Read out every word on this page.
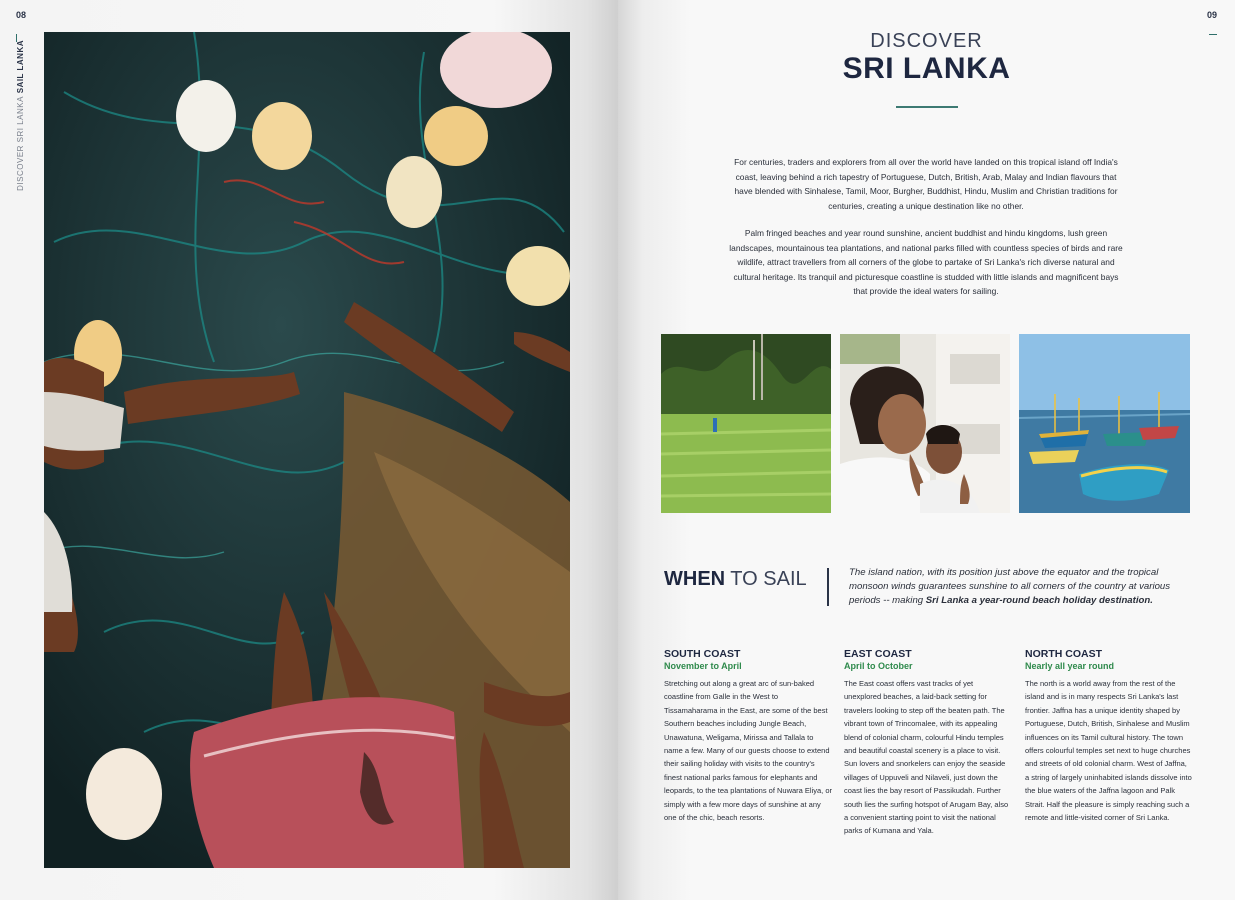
08
DISCOVER SRI LANKA SAIL LANKA
09
DISCOVER
SRI LANKA

For centuries, traders and explorers from all over the world have landed on this tropical island off India's coast, leaving behind a rich tapestry of Portuguese, Dutch, British, Arab, Malay and Indian flavours that have blended with Sinhalese, Tamil, Moor, Burgher, Buddhist, Hindu, Muslim and Christian traditions for centuries, creating a unique destination like no other.

Palm fringed beaches and year round sunshine, ancient buddhist and hindu kingdoms, lush green landscapes, mountainous tea plantations, and national parks filled with countless species of birds and rare wildlife, attract travellers from all corners of the globe to partake of Sri Lanka's rich diverse natural and cultural heritage. Its tranquil and picturesque coastline is studded with little islands and magnificent bays that provide the ideal waters for sailing.

WHEN TO SAIL	The island nation, with its position just above the equator and the tropical monsoon winds guarantees sunshine to all corners of the country at various periods -- making Sri Lanka a year-round beach holiday destination.

SOUTH COAST
November to April

Stretching out along a great arc of sun-baked coastline from Galle in the West to Tissamaharama in the East, are some of the best Southern beaches including Jungle Beach, Unawatuna, Weligama, Mirissa and Tallala to name a few. Many of our guests choose to extend their sailing holiday with visits to the country's finest national parks famous for elephants and leopards, to the tea plantations of Nuwara Eliya, or simply with a few more days of sunshine at any one of the chic, beach resorts.

EAST COAST
April to October

The East coast offers vast tracks of yet unexplored beaches, a laid-back setting for travelers looking to step off the beaten path. The vibrant town of Trincomalee, with its appealing blend of colonial charm, colourful Hindu temples and beautiful coastal scenery is a place to visit. Sun lovers and snorkelers can enjoy the seaside villages of Uppuveli and Nilaveli, just down the coast lies the bay resort of Passikudah. Further south lies the surfing hotspot of Arugam Bay, also a convenient starting point to visit the national parks of Kumana and Yala.

NORTH COAST
Nearly all year round

The north is a world away from the rest of the island and is in many respects Sri Lanka's last frontier. Jaffna has a unique identity shaped by Portuguese, Dutch, British, Sinhalese and Muslim influences on its Tamil cultural history. The town offers colourful temples set next to huge churches and streets of old colonial charm. West of Jaffna, a string of largely uninhabited islands dissolve into the blue waters of the Jaffna lagoon and Palk Strait. Half the pleasure is simply reaching such a remote and little-visited corner of Sri Lanka.
